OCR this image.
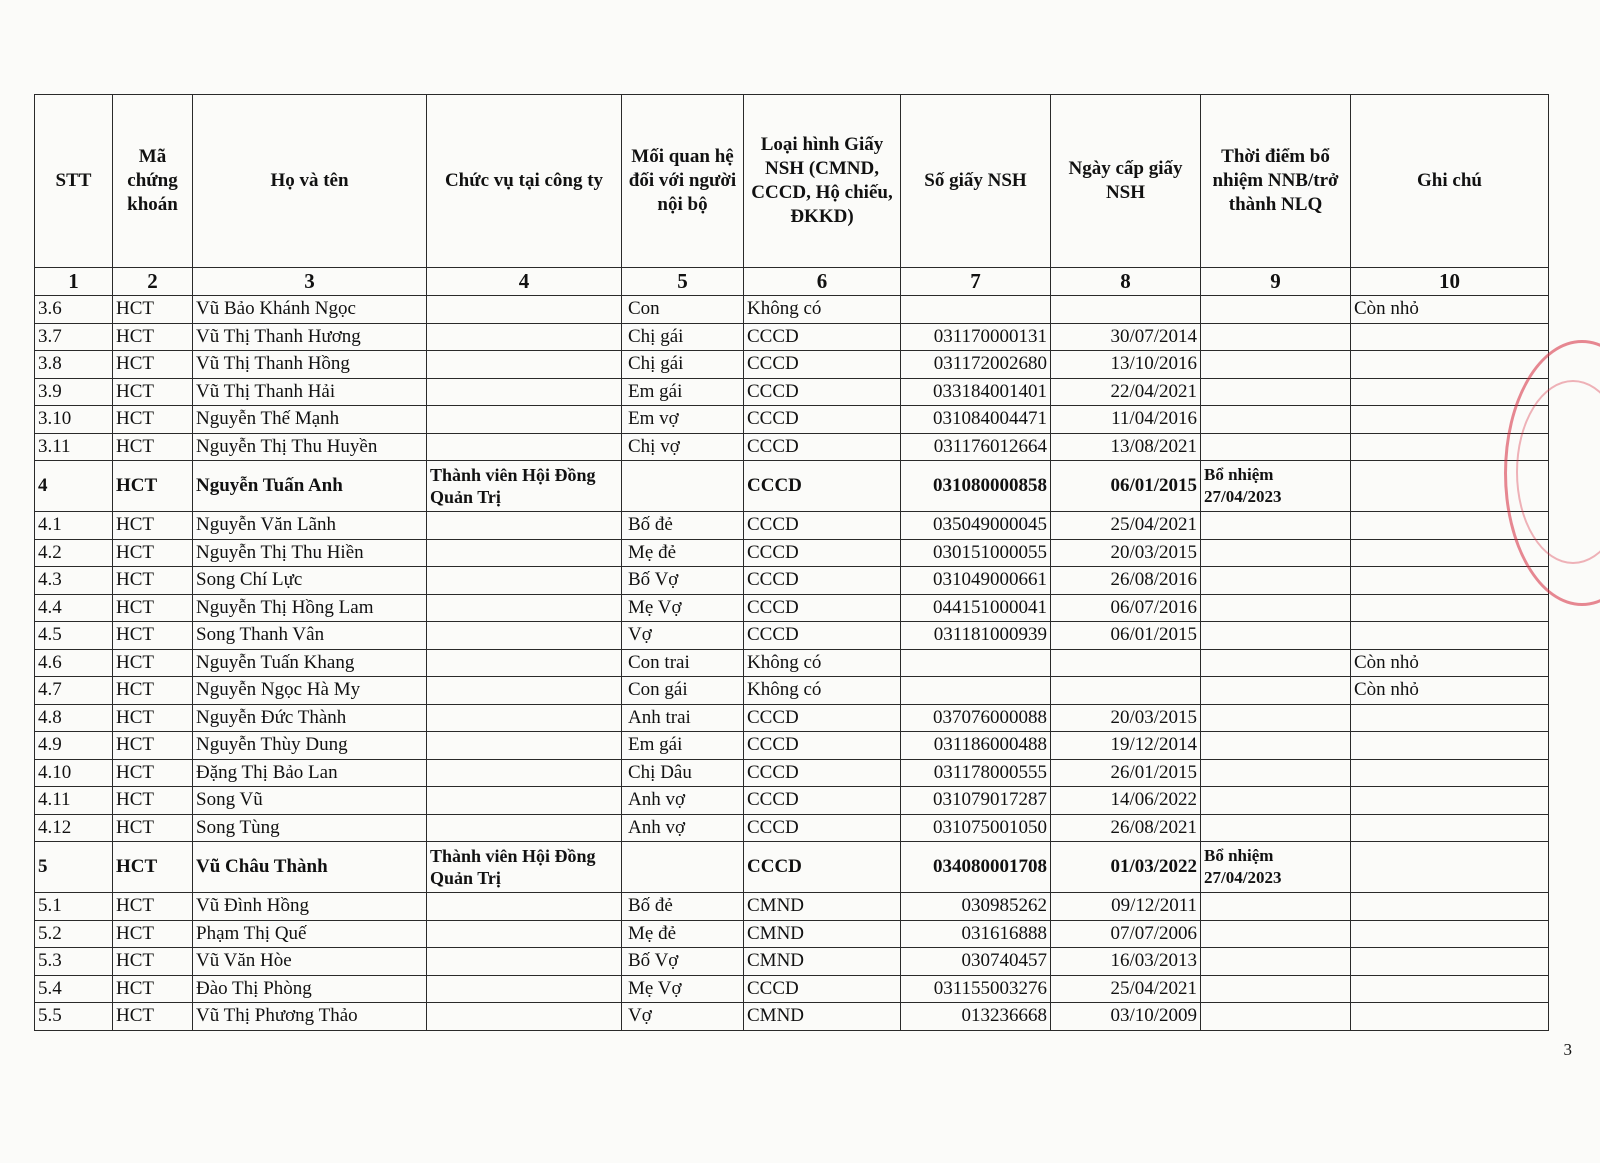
STT	Mã chứng khoán	Họ và tên	Chức vụ tại công ty	Mối quan hệ đối với người nội bộ	Loại hình Giấy NSH (CMND, CCCD, Hộ chiếu, ĐKKD)	Số giấy NSH	Ngày cấp giấy NSH	Thời điểm bổ nhiệm NNB/trở thành NLQ	Ghi chú
1	2	3	4	5	6	7	8	9	10
3.6	HCT	Vũ Bảo Khánh Ngọc		Con	Không có				Còn nhỏ
3.7	HCT	Vũ Thị Thanh Hương		Chị gái	CCCD	031170000131	30/07/2014		
3.8	HCT	Vũ Thị Thanh Hồng		Chị gái	CCCD	031172002680	13/10/2016		
3.9	HCT	Vũ Thị Thanh Hải		Em gái	CCCD	033184001401	22/04/2021		
3.10	HCT	Nguyễn Thế Mạnh		Em vợ	CCCD	031084004471	11/04/2016		
3.11	HCT	Nguyễn Thị Thu Huyền		Chị vợ	CCCD	031176012664	13/08/2021		
4	HCT	Nguyễn Tuấn Anh	Thành viên Hội Đồng Quản Trị		CCCD	031080000858	06/01/2015	Bổ nhiệm 27/04/2023	
4.1	HCT	Nguyễn Văn Lãnh		Bố đẻ	CCCD	035049000045	25/04/2021		
4.2	HCT	Nguyễn Thị Thu Hiền		Mẹ đẻ	CCCD	030151000055	20/03/2015		
4.3	HCT	Song Chí Lực		Bố Vợ	CCCD	031049000661	26/08/2016		
4.4	HCT	Nguyễn Thị Hồng Lam		Mẹ Vợ	CCCD	044151000041	06/07/2016		
4.5	HCT	Song Thanh Vân		Vợ	CCCD	031181000939	06/01/2015		
4.6	HCT	Nguyễn Tuấn Khang		Con trai	Không có				Còn nhỏ
4.7	HCT	Nguyễn Ngọc Hà My		Con gái	Không có				Còn nhỏ
4.8	HCT	Nguyễn Đức Thành		Anh trai	CCCD	037076000088	20/03/2015		
4.9	HCT	Nguyễn Thùy Dung		Em gái	CCCD	031186000488	19/12/2014		
4.10	HCT	Đặng Thị Bảo Lan		Chị Dâu	CCCD	031178000555	26/01/2015		
4.11	HCT	Song Vũ		Anh vợ	CCCD	031079017287	14/06/2022		
4.12	HCT	Song Tùng		Anh vợ	CCCD	031075001050	26/08/2021		
5	HCT	Vũ Châu Thành	Thành viên Hội Đồng Quản Trị		CCCD	034080001708	01/03/2022	Bổ nhiệm 27/04/2023	
5.1	HCT	Vũ Đình Hồng		Bố đẻ	CMND	030985262	09/12/2011		
5.2	HCT	Phạm Thị Quế		Mẹ đẻ	CMND	031616888	07/07/2006		
5.3	HCT	Vũ Văn Hòe		Bố Vợ	CMND	030740457	16/03/2013		
5.4	HCT	Đào Thị Phòng		Mẹ Vợ	CCCD	031155003276	25/04/2021		
5.5	HCT	Vũ Thị Phương Thảo		Vợ	CMND	013236668	03/10/2009		
3
